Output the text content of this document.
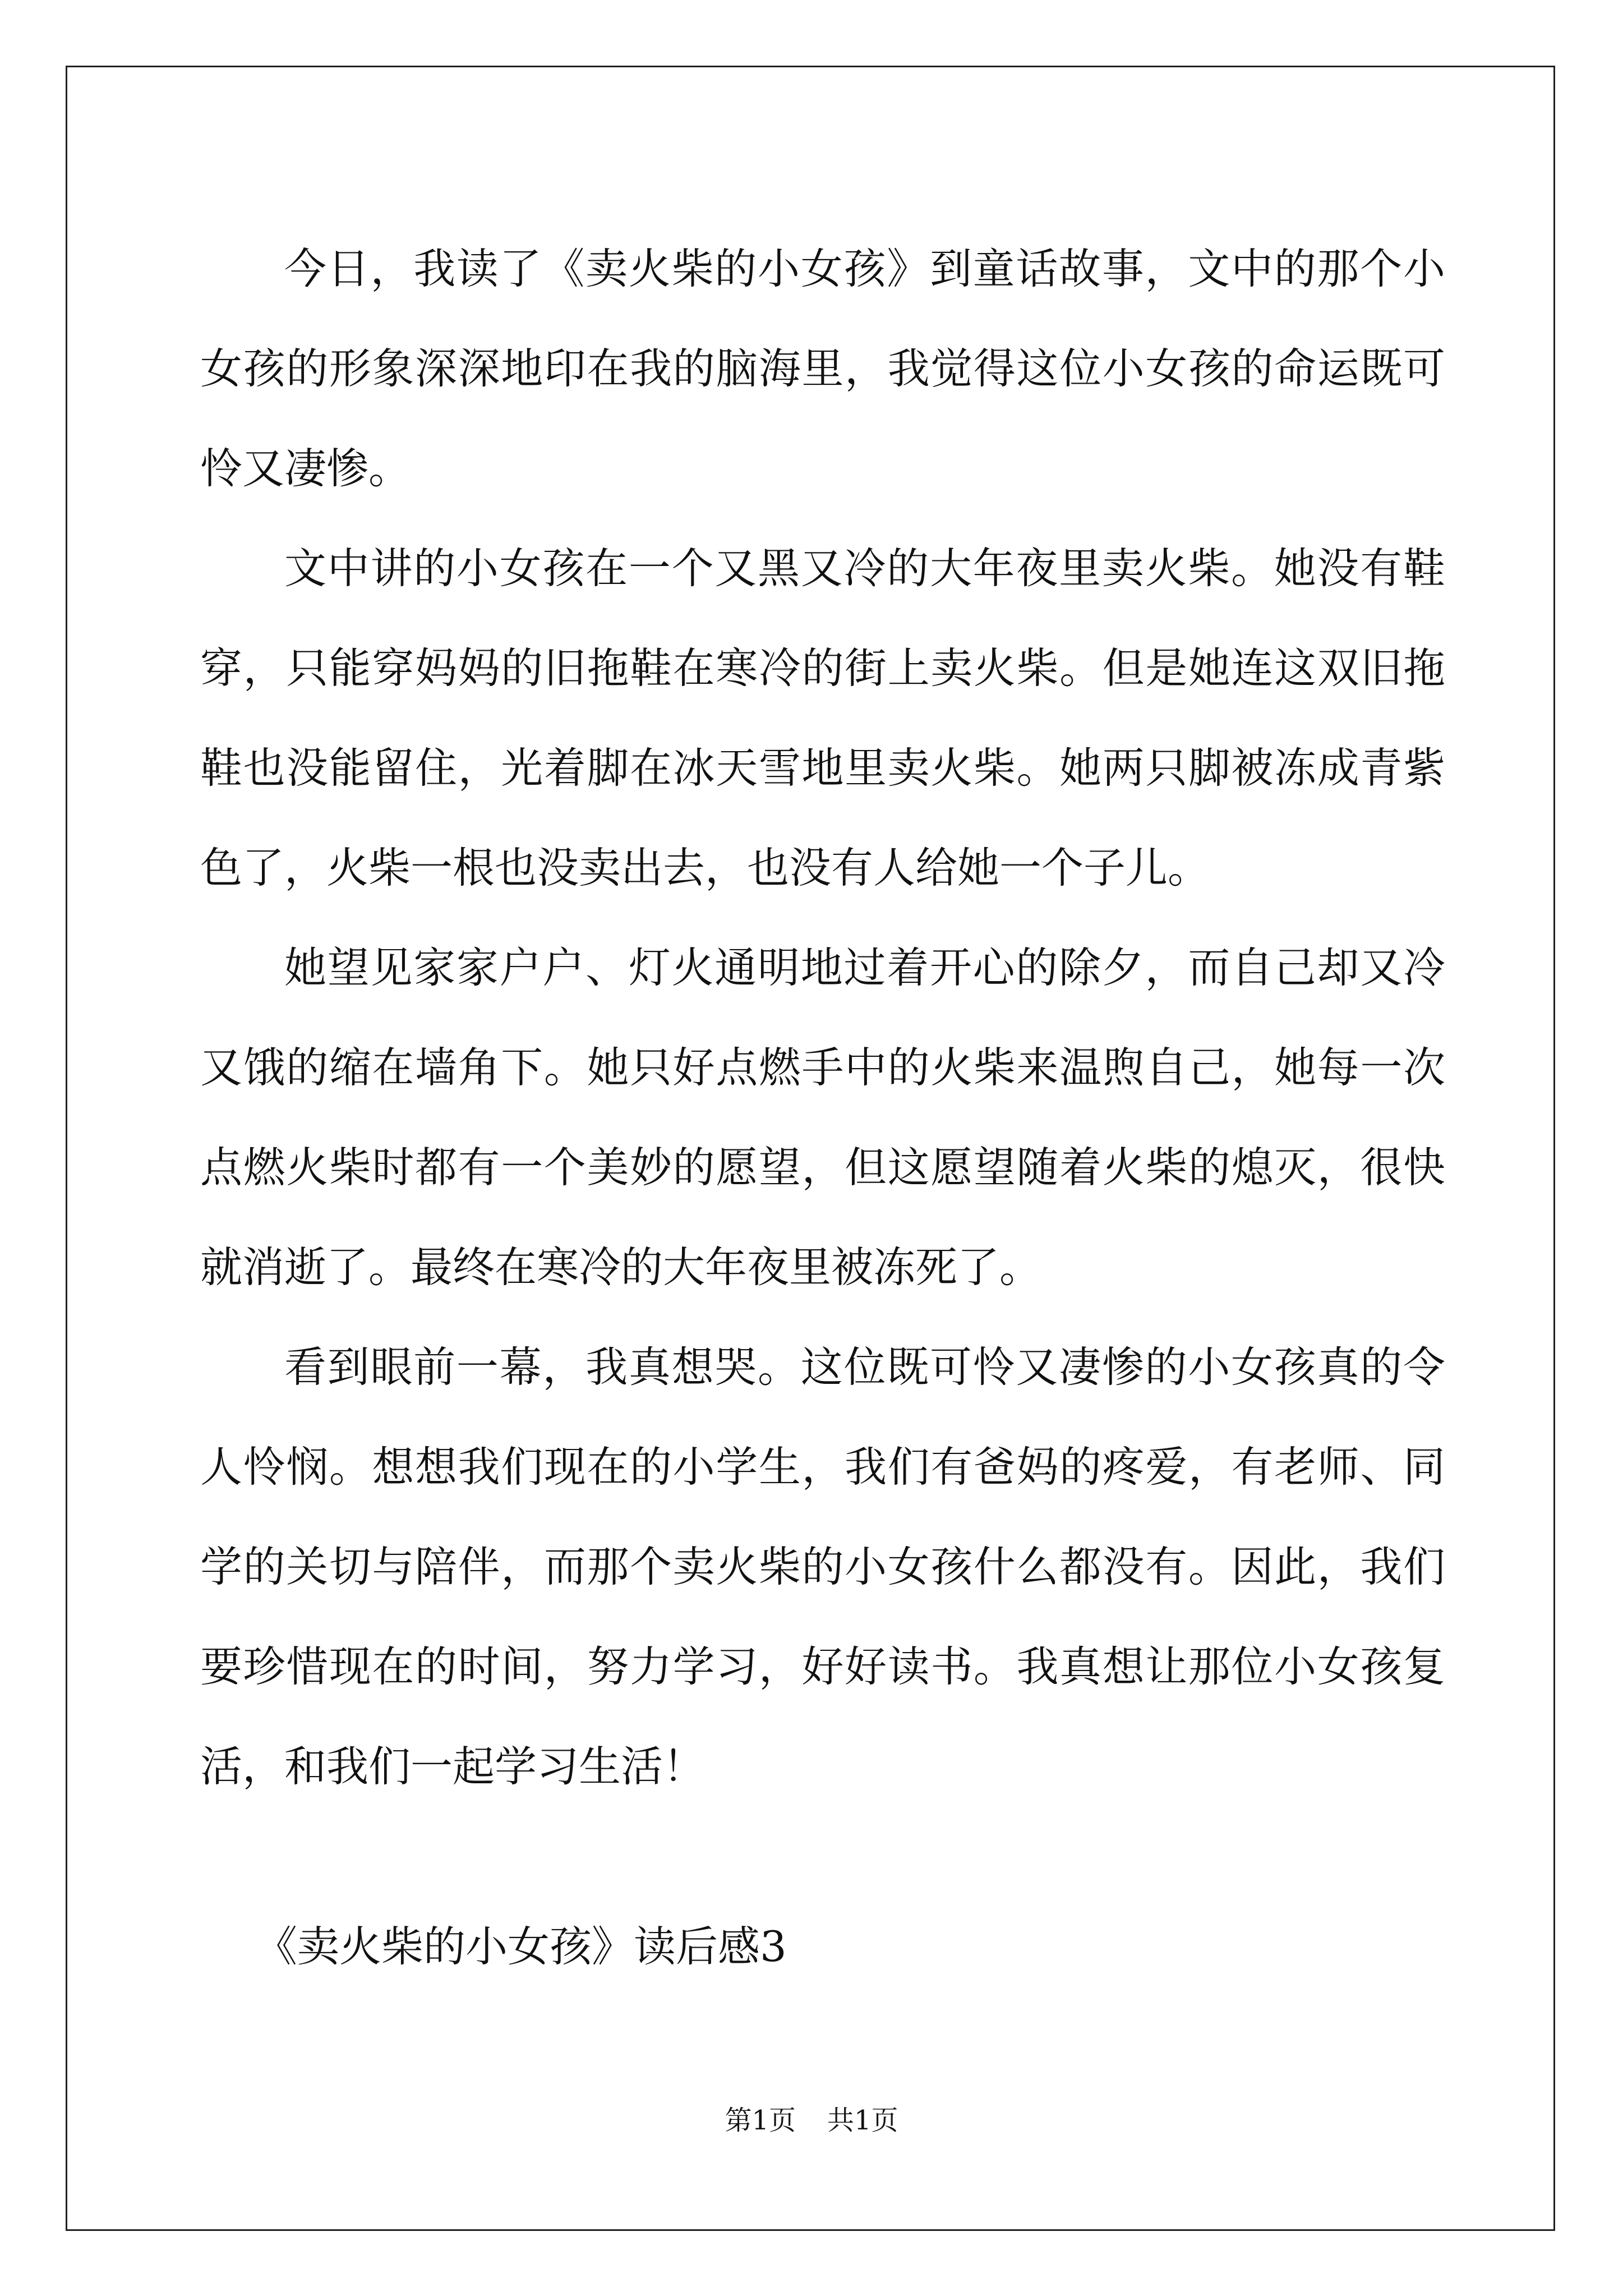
今日，我读了《卖火柴的小女孩》到童话故事，文中的那个小女孩的形象深深地印在我的脑海里，我觉得这位小女孩的命运既可怜又凄惨。

文中讲的小女孩在一个又黑又冷的大年夜里卖火柴。她没有鞋穿，只能穿妈妈的旧拖鞋在寒冷的街上卖火柴。但是她连这双旧拖鞋也没能留住，光着脚在冰天雪地里卖火柴。她两只脚被冻成青紫色了，火柴一根也没卖出去，也没有人给她一个子儿。

她望见家家户户、灯火通明地过着开心的除夕，而自己却又冷又饿的缩在墙角下。她只好点燃手中的火柴来温煦自己，她每一次点燃火柴时都有一个美妙的愿望，但这愿望随着火柴的熄灭，很快就消逝了。最终在寒冷的大年夜里被冻死了。

看到眼前一幕，我真想哭。这位既可怜又凄惨的小女孩真的令人怜悯。想想我们现在的小学生，我们有爸妈的疼爱，有老师、同学的关切与陪伴，而那个卖火柴的小女孩什么都没有。因此，我们要珍惜现在的时间，努力学习，好好读书。我真想让那位小女孩复活，和我们一起学习生活！

《卖火柴的小女孩》读后感3
第1页 共1页
